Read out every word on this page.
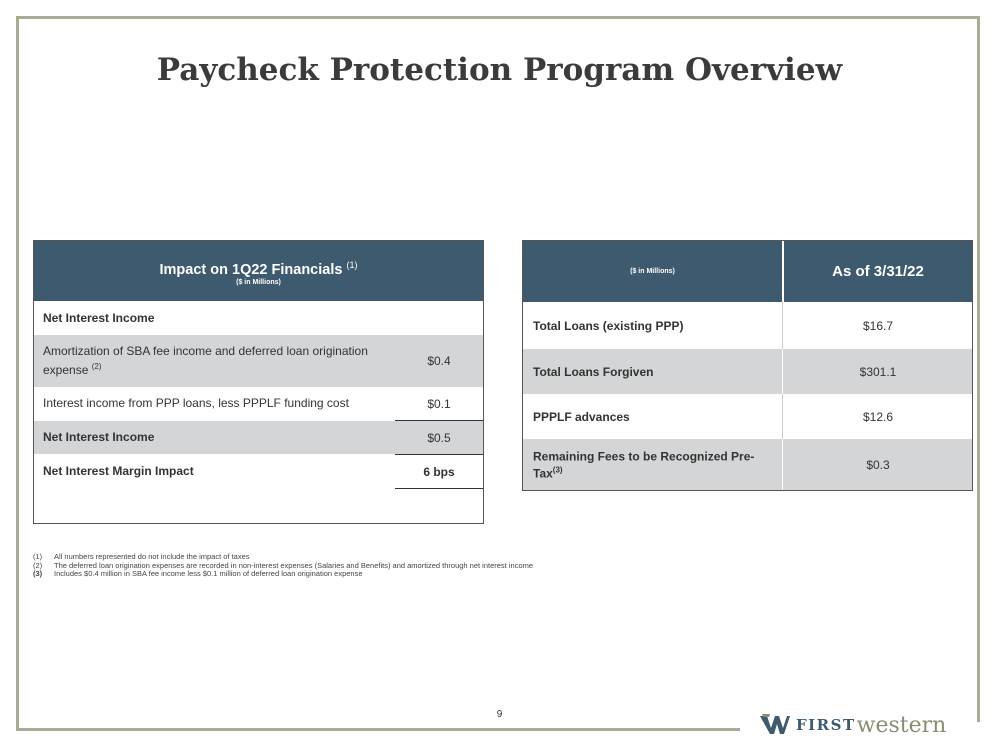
Paycheck Protection Program Overview
Impact on 1Q22 Financials $^{(1)}$
($ in Millions)
Net Interest Income
Amortization of SBA fee income and deferred loan origination expense $^{(2)}$	$0.4
Interest income from PPP loans, less PPPLF funding cost	$0.1
Net Interest Income	$0.5
Net Interest Margin Impact	6 bps
($ in Millions)	As of 3/31/22
Total Loans (existing PPP)	$16.7
Total Loans Forgiven	$301.1
PPPLF advances	$12.6
Remaining Fees to be Recognized Pre-Tax$^{(3)}$	$0.3
(1)	All numbers represented do not include the impact of taxes
(2)	The deferred loan origination expenses are recorded in non-interest expenses (Salaries and Benefits) and amortized through net interest income
(3)	Includes $0.4 million in SBA fee income less $0.1 million of deferred loan origination expense
9
FIRST western
